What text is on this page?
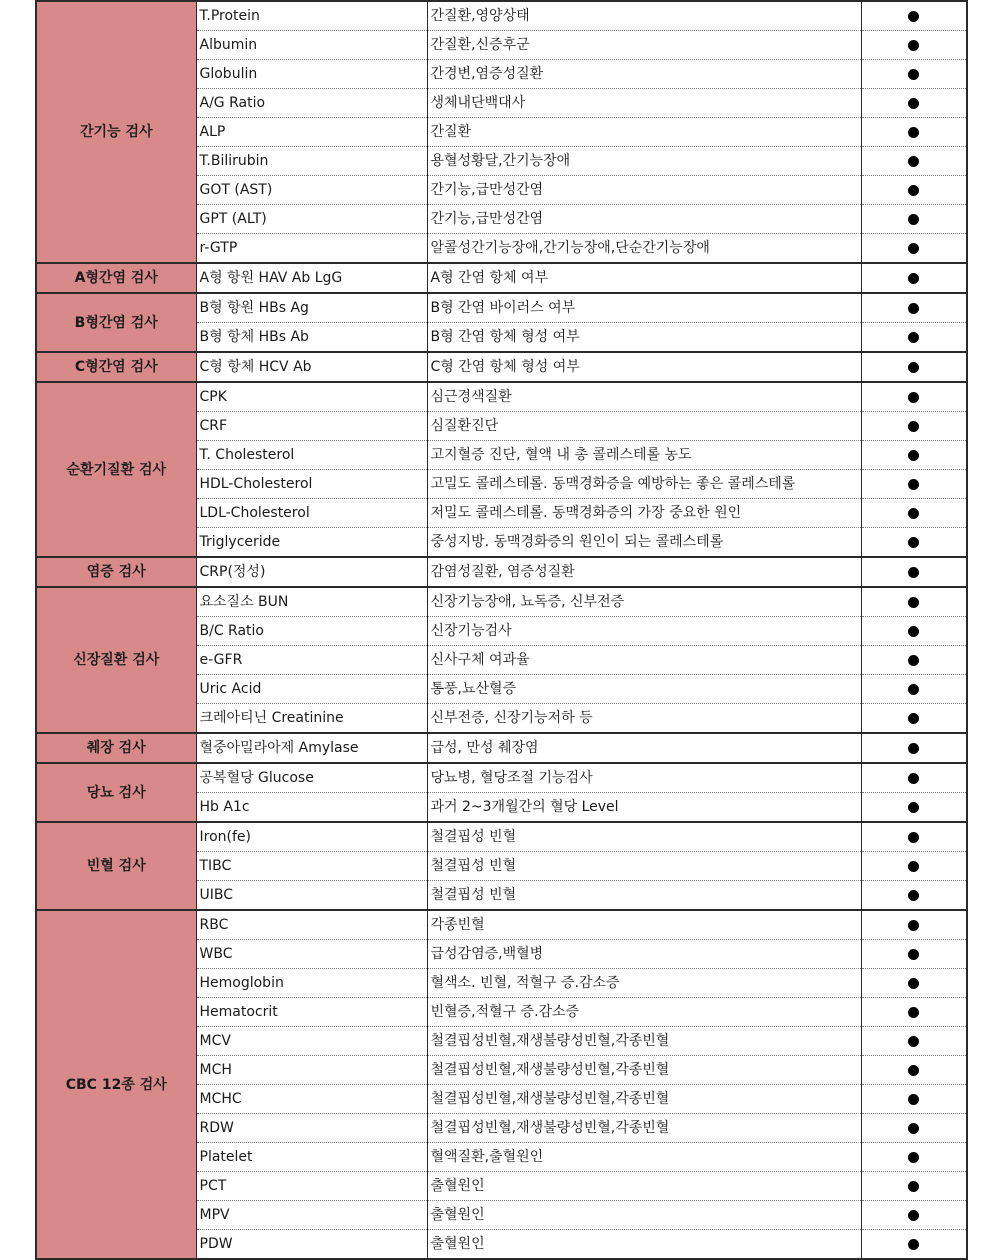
간기능 검사	T.Protein	간질환,영양상태	
	Albumin	간질환,신증후군	
	Globulin	간경변,염증성질환	
	A/G Ratio	생체내단백대사	
	ALP	간질환	
	T.Bilirubin	용혈성황달,간기능장애	
	GOT (AST)	간기능,급만성간염	
	GPT (ALT)	간기능,급만성간염	
	r-GTP	알콜성간기능장애,간기능장애,단순간기능장애	
A형간염 검사	A형 항원 HAV Ab LgG	A형 간염 항체 여부	
B형간염 검사	B형 항원 HBs Ag	B형 간염 바이러스 여부	
	B형 항체 HBs Ab	B형 간염 항체 형성 여부	
C형간염 검사	C형 항체 HCV Ab	C형 간염 항체 형성 여부	
순환기질환 검사	CPK	심근경색질환	
	CRF	심질환진단	
	T. Cholesterol	고지혈증 진단, 혈액 내 총 콜레스테롤 농도	
	HDL-Cholesterol	고밀도 콜레스테롤. 동맥경화증을 예방하는 좋은 콜레스테롤	
	LDL-Cholesterol	저밀도 콜레스테롤. 동맥경화증의 가장 중요한 원인	
	Triglyceride	중성지방. 동맥경화증의 원인이 되는 콜레스테롤	
염증 검사	CRP(정성)	감염성질환, 염증성질환	
신장질환 검사	요소질소 BUN	신장기능장애, 뇨독증, 신부전증	
	B/C Ratio	신장기능검사	
	e-GFR	신사구체 여과율	
	Uric Acid	통풍,뇨산혈증	
	크레아티닌 Creatinine	신부전증, 신장기능저하 등	
췌장 검사	혈중아밀라아제 Amylase	급성, 만성 췌장염	
당뇨 검사	공복혈당 Glucose	당뇨병, 혈당조절 기능검사	
	Hb A1c	과거 2~3개월간의 혈당 Level	
빈혈 검사	Iron(fe)	철결핍성 빈혈	
	TIBC	철결핍성 빈혈	
	UIBC	철결핍성 빈혈	
CBC 12종 검사	RBC	각종빈혈	
	WBC	급성감염증,백혈병	
	Hemoglobin	혈색소. 빈혈, 적혈구 증.감소증	
	Hematocrit	빈혈증,적혈구 증.감소증	
	MCV	철결핍성빈혈,재생불량성빈혈,각종빈혈	
	MCH	철결핍성빈혈,재생불량성빈혈,각종빈혈	
	MCHC	철결핍성빈혈,재생불량성빈혈,각종빈혈	
	RDW	철결핍성빈혈,재생불량성빈혈,각종빈혈	
	Platelet	혈액질환,출혈원인	
	PCT	출혈원인	
	MPV	출혈원인	
	PDW	출혈원인	
